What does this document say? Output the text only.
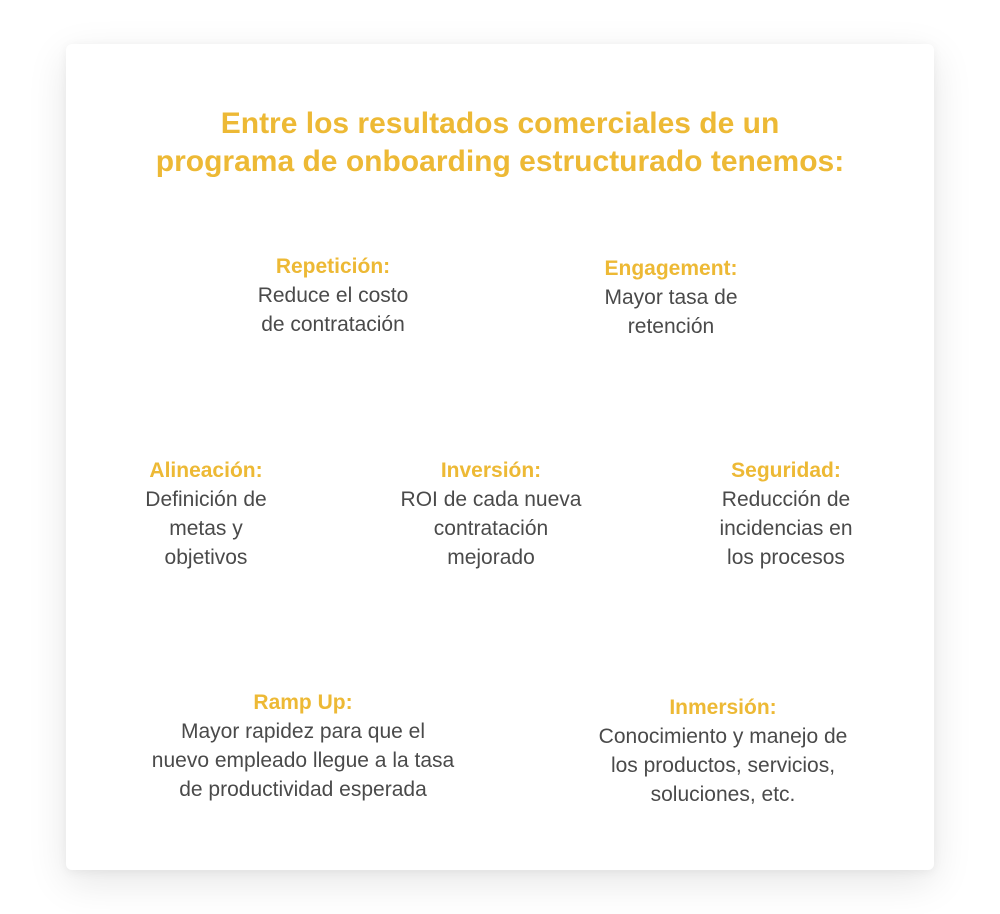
Entre los resultados comerciales de un
programa de onboarding estructurado tenemos:
Repetición:
Reduce el costo
de contratación
Engagement:
Mayor tasa de
retención
Alineación:
Definición de
metas y
objetivos
Inversión:
ROI de cada nueva
contratación
mejorado
Seguridad:
Reducción de
incidencias en
los procesos
Ramp Up:
Mayor rapidez para que el
nuevo empleado llegue a la tasa
de productividad esperada
Inmersión:
Conocimiento y manejo de
los productos, servicios,
soluciones, etc.
